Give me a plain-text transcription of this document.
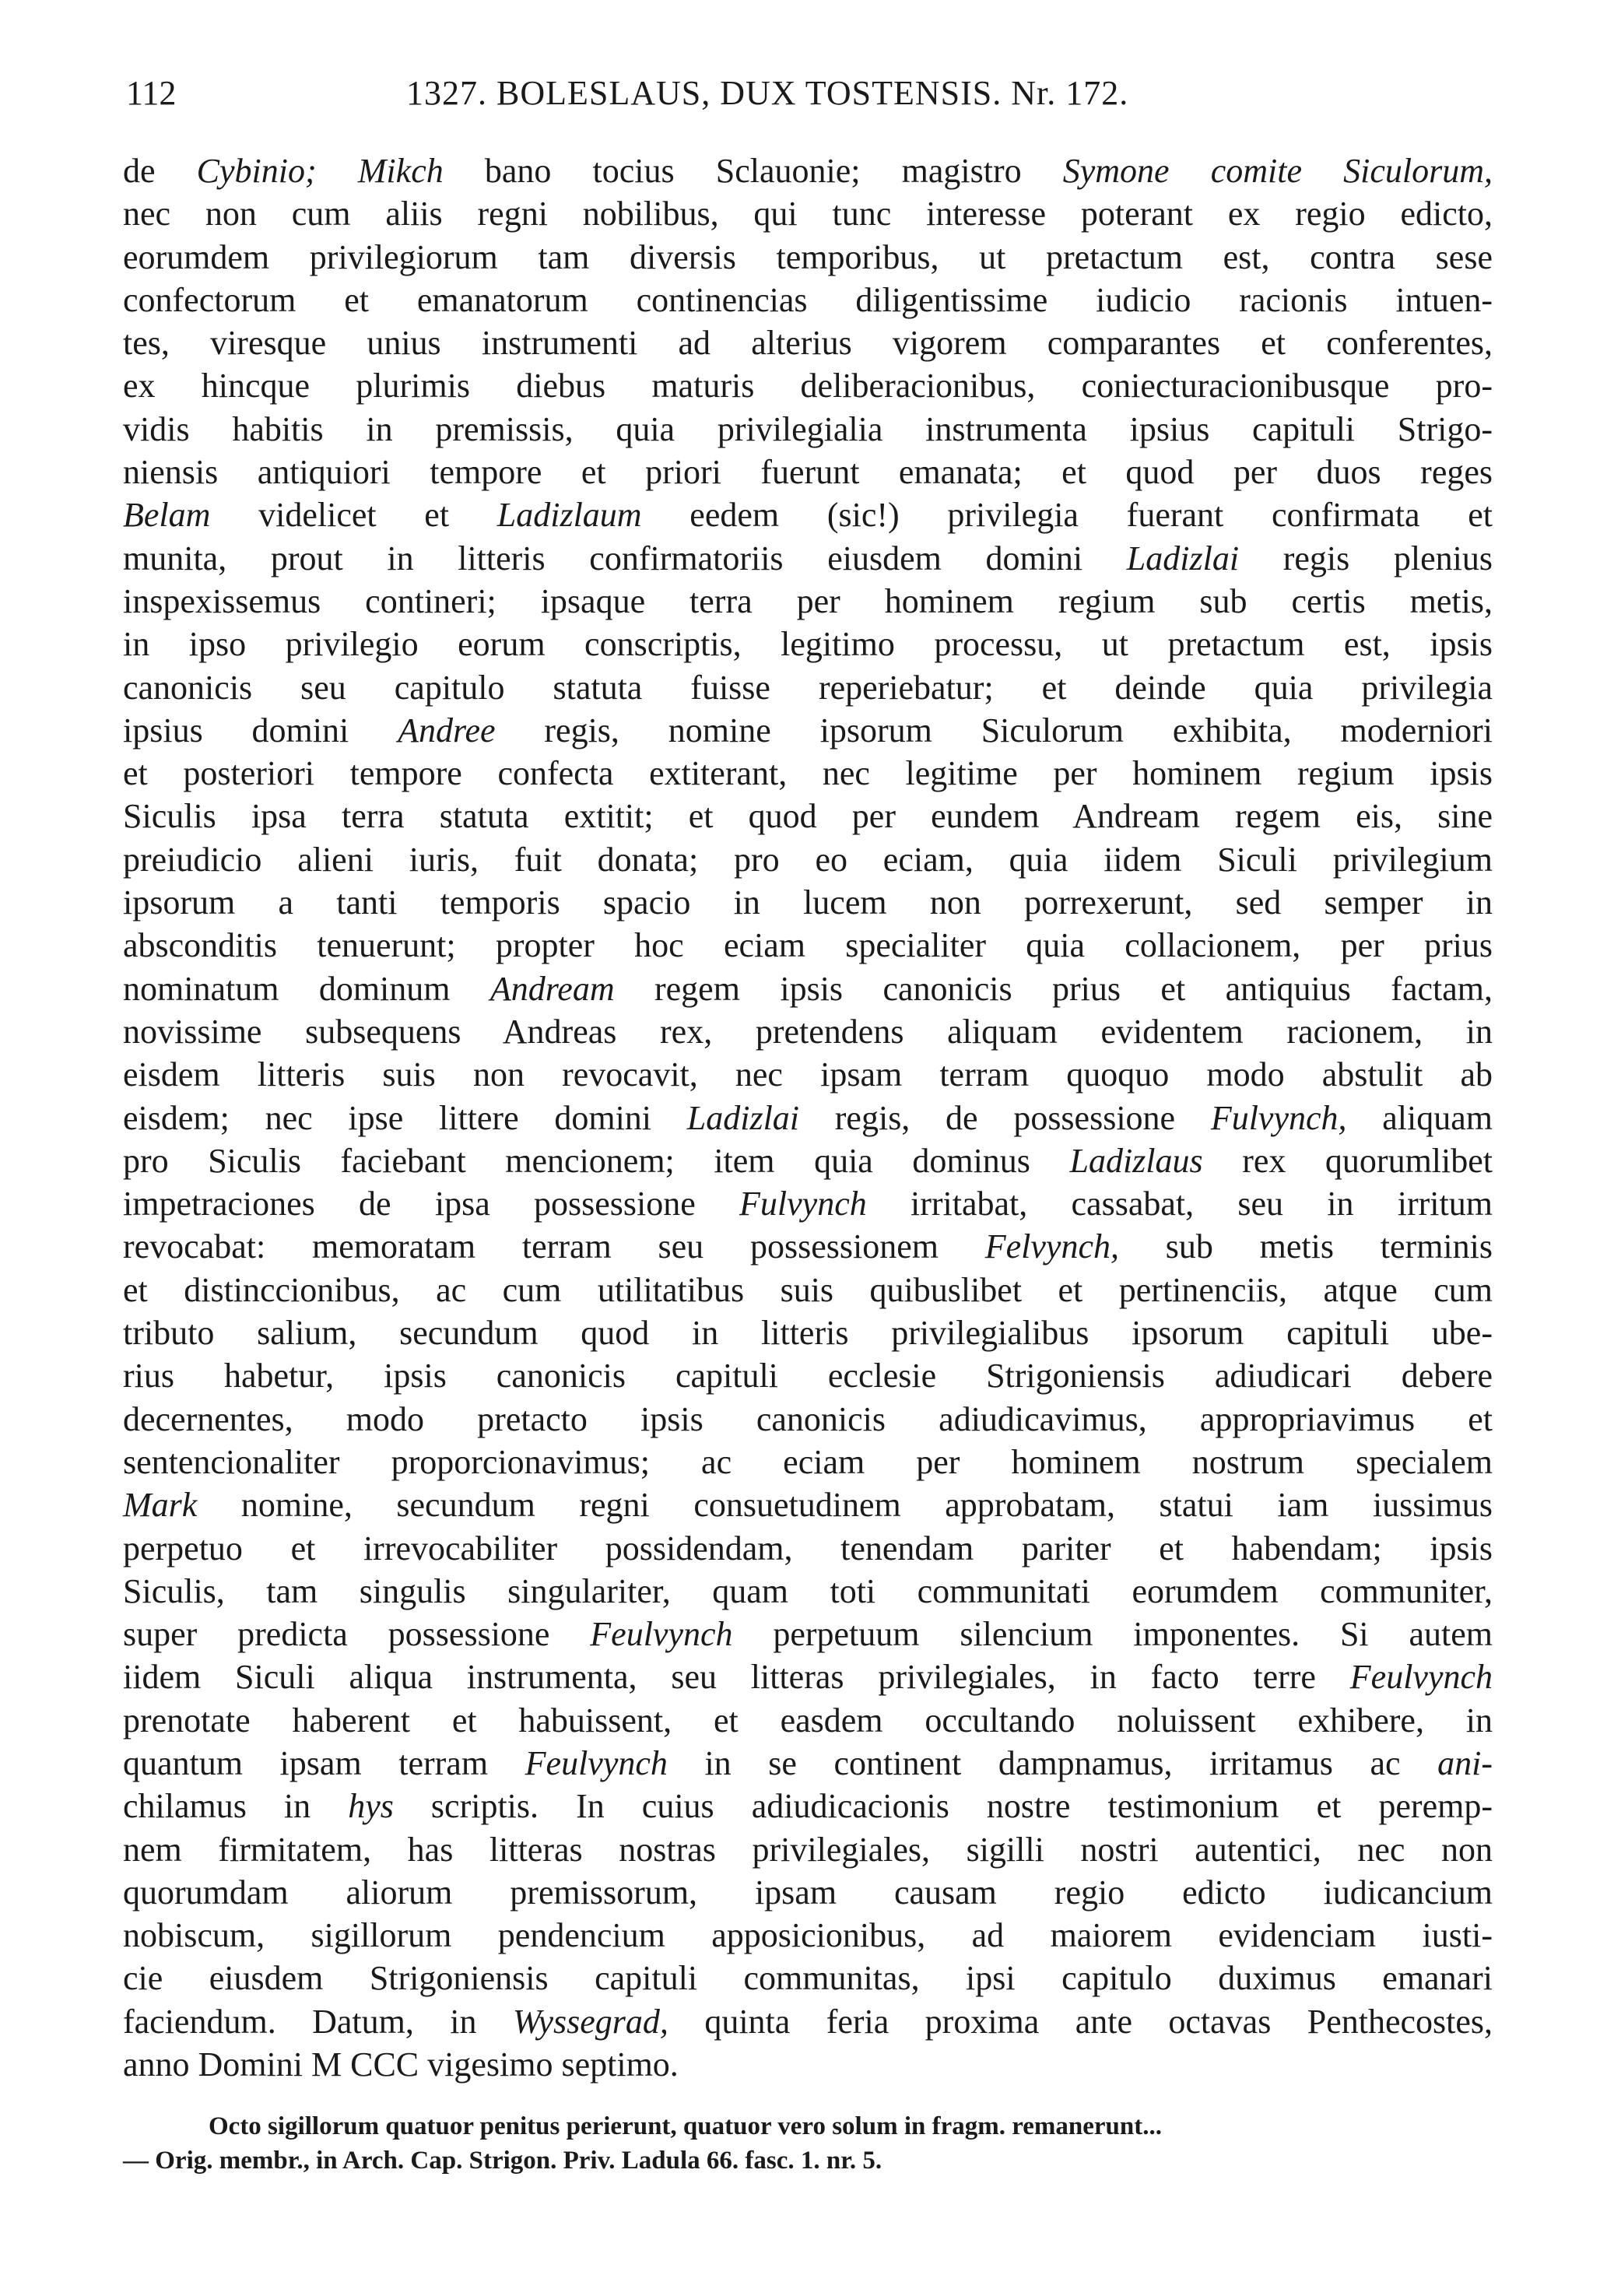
112	1327. BOLESLAUS, DUX TOSTENSIS. Nr. 172.
de Cybinio; Mikch bano tocius Sclauonie; magistro Symone comite Siculorum,
nec non cum aliis regni nobilibus, qui tunc interesse poterant ex regio edicto,
eorumdem privilegiorum tam diversis temporibus, ut pretactum est, contra sese
confectorum et emanatorum continencias diligentissime iudicio racionis intuen-
tes, viresque unius instrumenti ad alterius vigorem comparantes et conferentes,
ex hincque plurimis diebus maturis deliberacionibus, coniecturacionibusque pro-
vidis habitis in premissis, quia privilegialia instrumenta ipsius capituli Strigo-
niensis antiquiori tempore et priori fuerunt emanata; et quod per duos reges
Belam videlicet et Ladizlaum eedem (sic!) privilegia fuerant confirmata et
munita, prout in litteris confirmatoriis eiusdem domini Ladizlai regis plenius
inspexissemus contineri; ipsaque terra per hominem regium sub certis metis,
in ipso privilegio eorum conscriptis, legitimo processu, ut pretactum est, ipsis
canonicis seu capitulo statuta fuisse reperiebatur; et deinde quia privilegia
ipsius domini Andree regis, nomine ipsorum Siculorum exhibita, moderniori
et posteriori tempore confecta extiterant, nec legitime per hominem regium ipsis
Siculis ipsa terra statuta extitit; et quod per eundem Andream regem eis, sine
preiudicio alieni iuris, fuit donata; pro eo eciam, quia iidem Siculi privilegium
ipsorum a tanti temporis spacio in lucem non porrexerunt, sed semper in
absconditis tenuerunt; propter hoc eciam specialiter quia collacionem, per prius
nominatum dominum Andream regem ipsis canonicis prius et antiquius factam,
novissime subsequens Andreas rex, pretendens aliquam evidentem racionem, in
eisdem litteris suis non revocavit, nec ipsam terram quoquo modo abstulit ab
eisdem; nec ipse littere domini Ladizlai regis, de possessione Fulvynch, aliquam
pro Siculis faciebant mencionem; item quia dominus Ladizlaus rex quorumlibet
impetraciones de ipsa possessione Fulvynch irritabat, cassabat, seu in irritum
revocabat: memoratam terram seu possessionem Felvynch, sub metis terminis
et distinccionibus, ac cum utilitatibus suis quibuslibet et pertinenciis, atque cum
tributo salium, secundum quod in litteris privilegialibus ipsorum capituli ube-
rius habetur, ipsis canonicis capituli ecclesie Strigoniensis adiudicari debere
decernentes, modo pretacto ipsis canonicis adiudicavimus, appropriavimus et
sentencionaliter proporcionavimus; ac eciam per hominem nostrum specialem
Mark nomine, secundum regni consuetudinem approbatam, statui iam iussimus
perpetuo et irrevocabiliter possidendam, tenendam pariter et habendam; ipsis
Siculis, tam singulis singulariter, quam toti communitati eorumdem communiter,
super predicta possessione Feulvynch perpetuum silencium imponentes. Si autem
iidem Siculi aliqua instrumenta, seu litteras privilegiales, in facto terre Feulvynch
prenotate haberent et habuissent, et easdem occultando noluissent exhibere, in
quantum ipsam terram Feulvynch in se continent dampnamus, irritamus ac ani-
chilamus in hys scriptis. In cuius adiudicacionis nostre testimonium et peremp-
nem firmitatem, has litteras nostras privilegiales, sigilli nostri autentici, nec non
quorumdam aliorum premissorum, ipsam causam regio edicto iudicancium
nobiscum, sigillorum pendencium apposicionibus, ad maiorem evidenciam iusti-
cie eiusdem Strigoniensis capituli communitas, ipsi capitulo duximus emanari
faciendum. Datum, in Wyssegrad, quinta feria proxima ante octavas Penthecostes,
anno Domini M CCC vigesimo septimo.
Octo sigillorum quatuor penitus perierunt, quatuor vero solum in fragm. remanerunt...
— Orig. membr., in Arch. Cap. Strigon. Priv. Ladula 66. fasc. 1. nr. 5.
